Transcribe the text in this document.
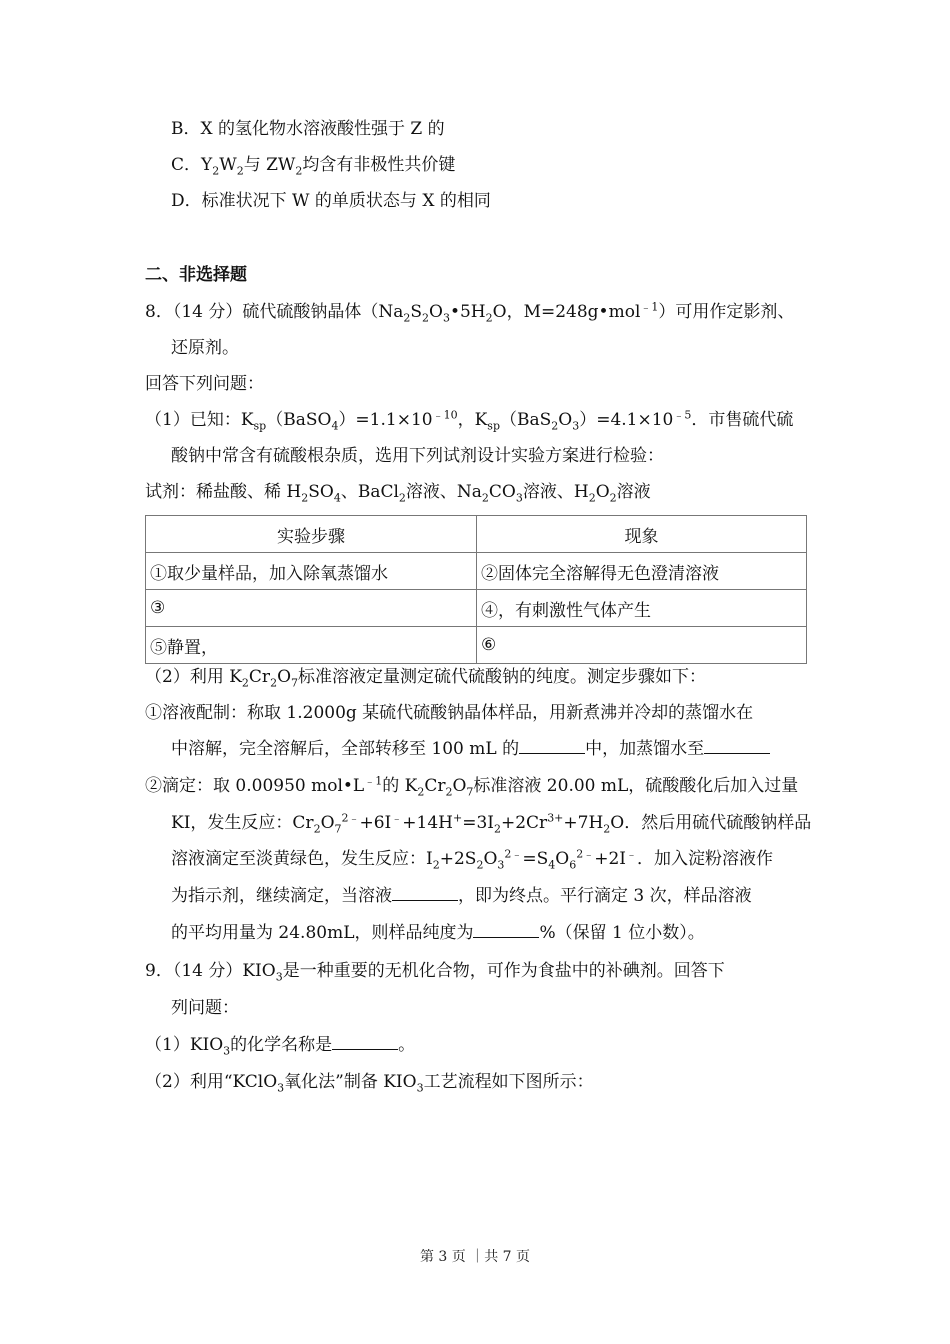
B．X 的氢化物水溶液酸性强于 Z 的
C．$Y_2W_2$与 $ZW_2$均含有非极性共价键
D．标准状况下 W 的单质状态与 X 的相同
二、非选择题
8．（14 分）硫代硫酸钠晶体（$Na_2S_2O_3•5H_2O$，M=248g•mol$^{﹣1}$）可用作定影剂、
还原剂。
回答下列问题：
（1）已知：$K_{sp}(BaSO_4)=1.1\times 10^{﹣10}$，$K_{sp}(BaS_2O_3)=4.1\times 10^{﹣5}$．市售硫代硫
酸钠中常含有硫酸根杂质，选用下列试剂设计实验方案进行检验：
试剂：稀盐酸、稀 $H_2SO_4$、BaCl$_2$溶液、$Na_2CO_3$溶液、$H_2O_2$溶液
实验步骤	现象
①取少量样品，加入除氧蒸馏水	②固体完全溶解得无色澄清溶液
③	④，有刺激性气体产生
⑤静置，	⑥
（2）利用 $K_2Cr_2O_7$标准溶液定量测定硫代硫酸钠的纯度。测定步骤如下：
①溶液配制：称取 1.2000g 某硫代硫酸钠晶体样品，用新煮沸并冷却的蒸馏水在
中溶解，完全溶解后，全部转移至 100 mL 的	中，加蒸馏水至
②滴定：取 0.00950 $mol•L^{﹣1}$的 $K_2Cr_2O_7$标准溶液 20.00 mL，硫酸酸化后加入过量
KI，发生反应：$Cr_2O_7^{2﹣}+6I^﹣+14H^+=3I_2+2Cr^{3+}+7H_2O$．然后用硫代硫酸钠样品
溶液滴定至淡黄绿色，发生反应：$I_2+2S_2O_3^{2﹣}=S_4O_6^{2﹣}+2I^﹣$．加入淀粉溶液作
为指示剂，继续滴定，当溶液	，即为终点。平行滴定 3 次，样品溶液
的平均用量为 24.80mL，则样品纯度为	%（保留 1 位小数）。
9．（14 分）$KIO_3$是一种重要的无机化合物，可作为食盐中的补碘剂。回答下
列问题：
$(1)KIO_3$的化学名称是	。
（2）利用“KClO$_3$氧化法”制备 $KIO_3$工艺流程如下图所示：
第 3 页 ｜共 7 页
